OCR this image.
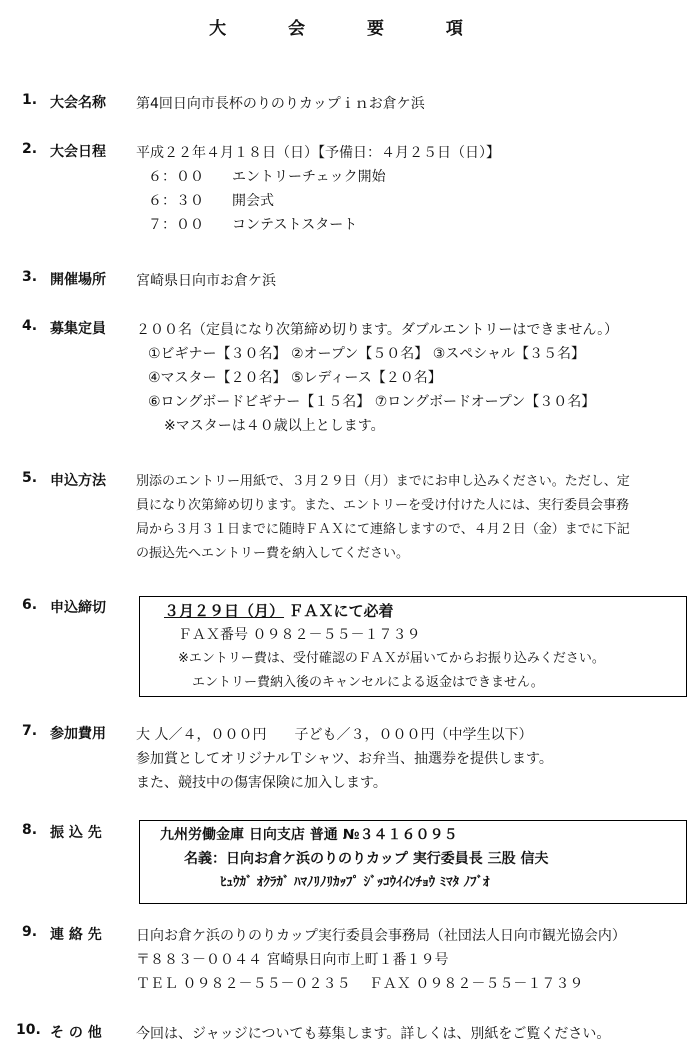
大 会 要 項
1. 大会名称	第4回日向市長杯のりのりカップｉｎお倉ケ浜
2. 大会日程	平成２２年４月１８日（日）【予備日：４月２５日（日）】
６：００ エントリーチェック開始
６：３０ 開会式
７：００ コンテストスタート
3. 開催場所	宮崎県日向市お倉ケ浜
4. 募集定員	２００名（定員になり次第締め切ります。ダブルエントリーはできません。）
①ビギナー【３０名】 ②オープン【５０名】 ③スペシャル【３５名】
④マスター【２０名】 ⑤レディース【２０名】
⑥ロングボードビギナー【１５名】 ⑦ロングボードオープン【３０名】
※マスターは４０歳以上とします。
5. 申込方法	別添のエントリー用紙で、３月２９日（月）までにお申し込みください。ただし、定
員になり次第締め切ります。また、エントリーを受け付けた人には、実行委員会事務
局から３月３１日までに随時ＦＡＸにて連絡しますので、４月２日（金）までに下記
の振込先へエントリー費を納入してください。
6. 申込締切	３月２９日（月） ＦＡＸにて必着
ＦＡＸ番号 ０９８２－５５－１７３９
※エントリー費は、受付確認のＦＡＸが届いてからお振り込みください。
エントリー費納入後のキャンセルによる返金はできません。
7. 参加費用	大 人／４，０００円　　子ども／３，０００円（中学生以下）
参加賞としてオリジナルＴシャツ、お弁当、抽選券を提供します。
また、競技中の傷害保険に加入します。
8. 振 込 先	九州労働金庫 日向支店 普通 №３４１６０９５
名義：日向お倉ケ浜のりのりカップ 実行委員長 三股 信夫
ﾋｭｳｶﾞ ｵｸﾗｶﾞ ﾊﾏﾉﾘﾉﾘｶｯﾌﾟ ｼﾞｯｺｳｲｲﾝﾁｮｳ ﾐﾏﾀ ﾉﾌﾞｵ
9. 連 絡 先	日向お倉ケ浜のりのりカップ実行委員会事務局（社団法人日向市観光協会内）
〒８８３－００４４ 宮崎県日向市上町１番１９号
ＴＥＬ ０９８２－５５－０２３５　 ＦＡＸ ０９８２－５５－１７３９
10. そ の 他	今回は、ジャッジについても募集します。詳しくは、別紙をご覧ください。
